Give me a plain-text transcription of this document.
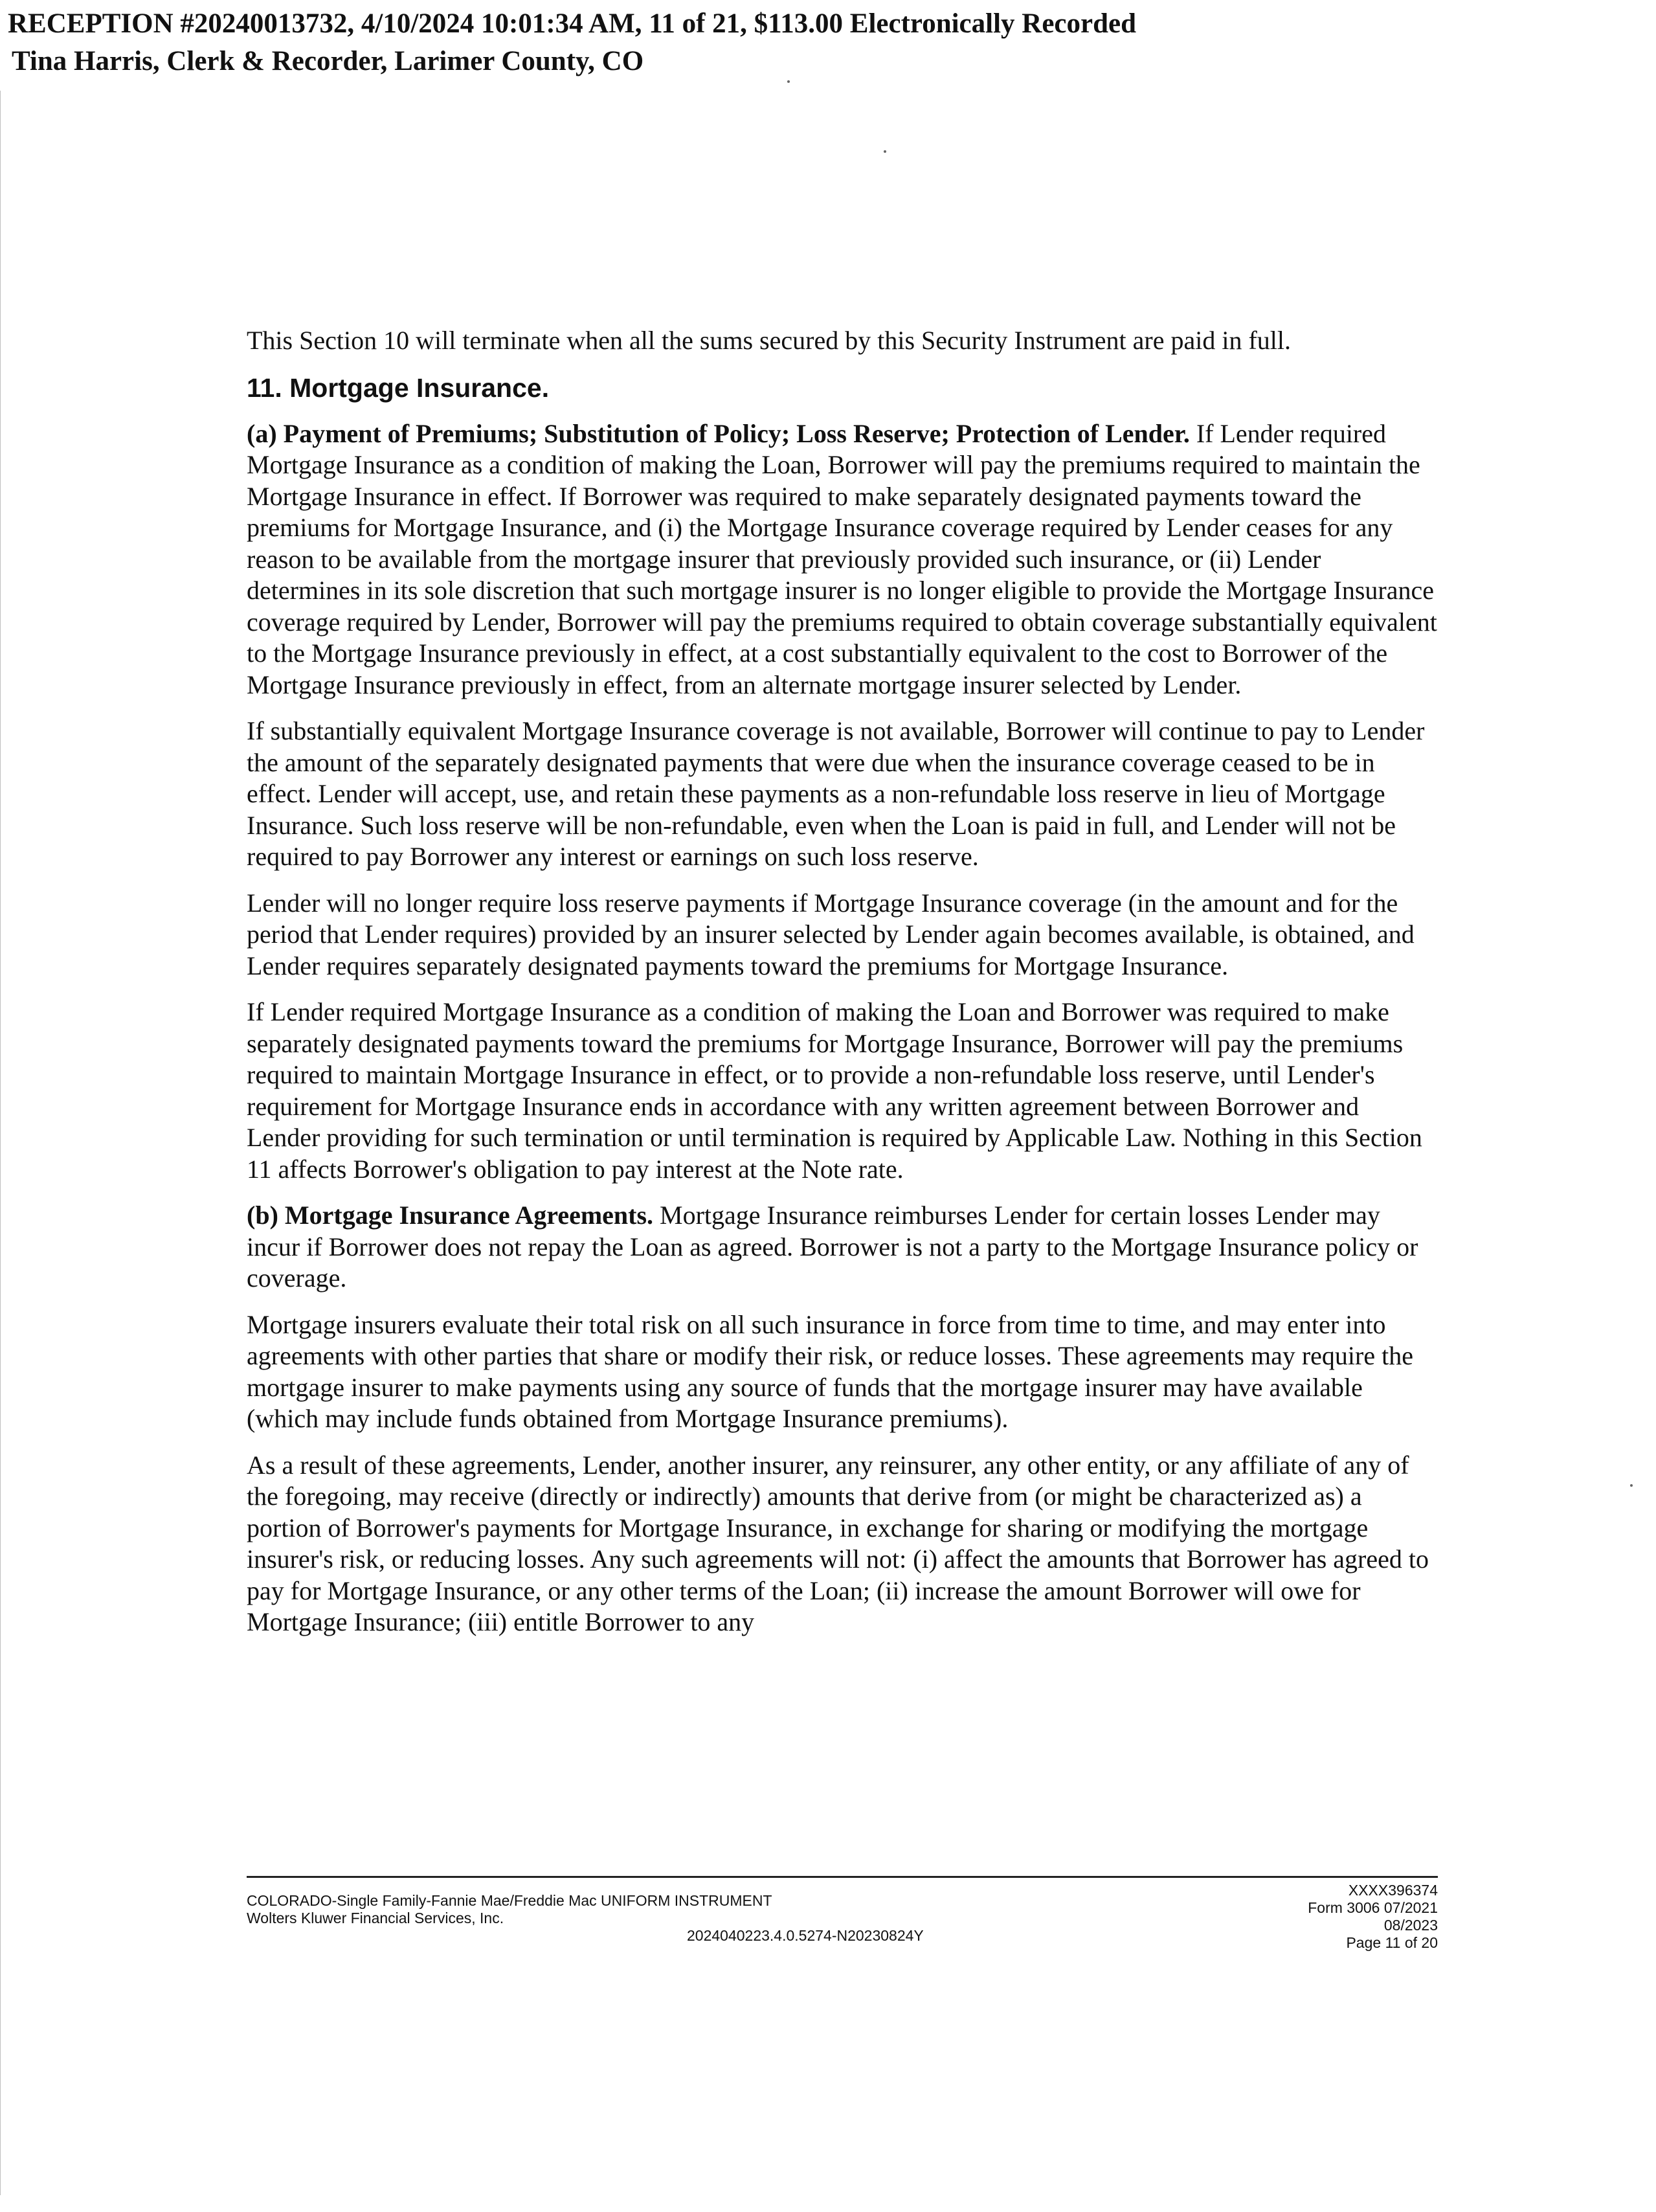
RECEPTION #20240013732, 4/10/2024 10:01:34 AM, 11 of 21, $113.00 Electronically Recorded
Tina Harris, Clerk & Recorder, Larimer County, CO

This Section 10 will terminate when all the sums secured by this Security Instrument are paid in full.

11. Mortgage Insurance.

(a) Payment of Premiums; Substitution of Policy; Loss Reserve; Protection of Lender. If Lender required Mortgage Insurance as a condition of making the Loan, Borrower will pay the premiums required to maintain the Mortgage Insurance in effect. If Borrower was required to make separately designated payments toward the premiums for Mortgage Insurance, and (i) the Mortgage Insurance coverage required by Lender ceases for any reason to be available from the mortgage insurer that previously provided such insurance, or (ii) Lender determines in its sole discretion that such mortgage insurer is no longer eligible to provide the Mortgage Insurance coverage required by Lender, Borrower will pay the premiums required to obtain coverage substantially equivalent to the Mortgage Insurance previously in effect, at a cost substantially equivalent to the cost to Borrower of the Mortgage Insurance previously in effect, from an alternate mortgage insurer selected by Lender.

If substantially equivalent Mortgage Insurance coverage is not available, Borrower will continue to pay to Lender the amount of the separately designated payments that were due when the insurance coverage ceased to be in effect. Lender will accept, use, and retain these payments as a non-refundable loss reserve in lieu of Mortgage Insurance. Such loss reserve will be non-refundable, even when the Loan is paid in full, and Lender will not be required to pay Borrower any interest or earnings on such loss reserve.

Lender will no longer require loss reserve payments if Mortgage Insurance coverage (in the amount and for the period that Lender requires) provided by an insurer selected by Lender again becomes available, is obtained, and Lender requires separately designated payments toward the premiums for Mortgage Insurance.

If Lender required Mortgage Insurance as a condition of making the Loan and Borrower was required to make separately designated payments toward the premiums for Mortgage Insurance, Borrower will pay the premiums required to maintain Mortgage Insurance in effect, or to provide a non-refundable loss reserve, until Lender's requirement for Mortgage Insurance ends in accordance with any written agreement between Borrower and Lender providing for such termination or until termination is required by Applicable Law. Nothing in this Section 11 affects Borrower's obligation to pay interest at the Note rate.

(b) Mortgage Insurance Agreements. Mortgage Insurance reimburses Lender for certain losses Lender may incur if Borrower does not repay the Loan as agreed. Borrower is not a party to the Mortgage Insurance policy or coverage.

Mortgage insurers evaluate their total risk on all such insurance in force from time to time, and may enter into agreements with other parties that share or modify their risk, or reduce losses. These agreements may require the mortgage insurer to make payments using any source of funds that the mortgage insurer may have available (which may include funds obtained from Mortgage Insurance premiums).

As a result of these agreements, Lender, another insurer, any reinsurer, any other entity, or any affiliate of any of the foregoing, may receive (directly or indirectly) amounts that derive from (or might be characterized as) a portion of Borrower's payments for Mortgage Insurance, in exchange for sharing or modifying the mortgage insurer's risk, or reducing losses. Any such agreements will not: (i) affect the amounts that Borrower has agreed to pay for Mortgage Insurance, or any other terms of the Loan; (ii) increase the amount Borrower will owe for Mortgage Insurance; (iii) entitle Borrower to any

COLORADO-Single Family-Fannie Mae/Freddie Mac UNIFORM INSTRUMENT
Wolters Kluwer Financial Services, Inc.
2024040223.4.0.5274-N20230824Y
XXXX396374
Form 3006 07/2021
08/2023
Page 11 of 20
